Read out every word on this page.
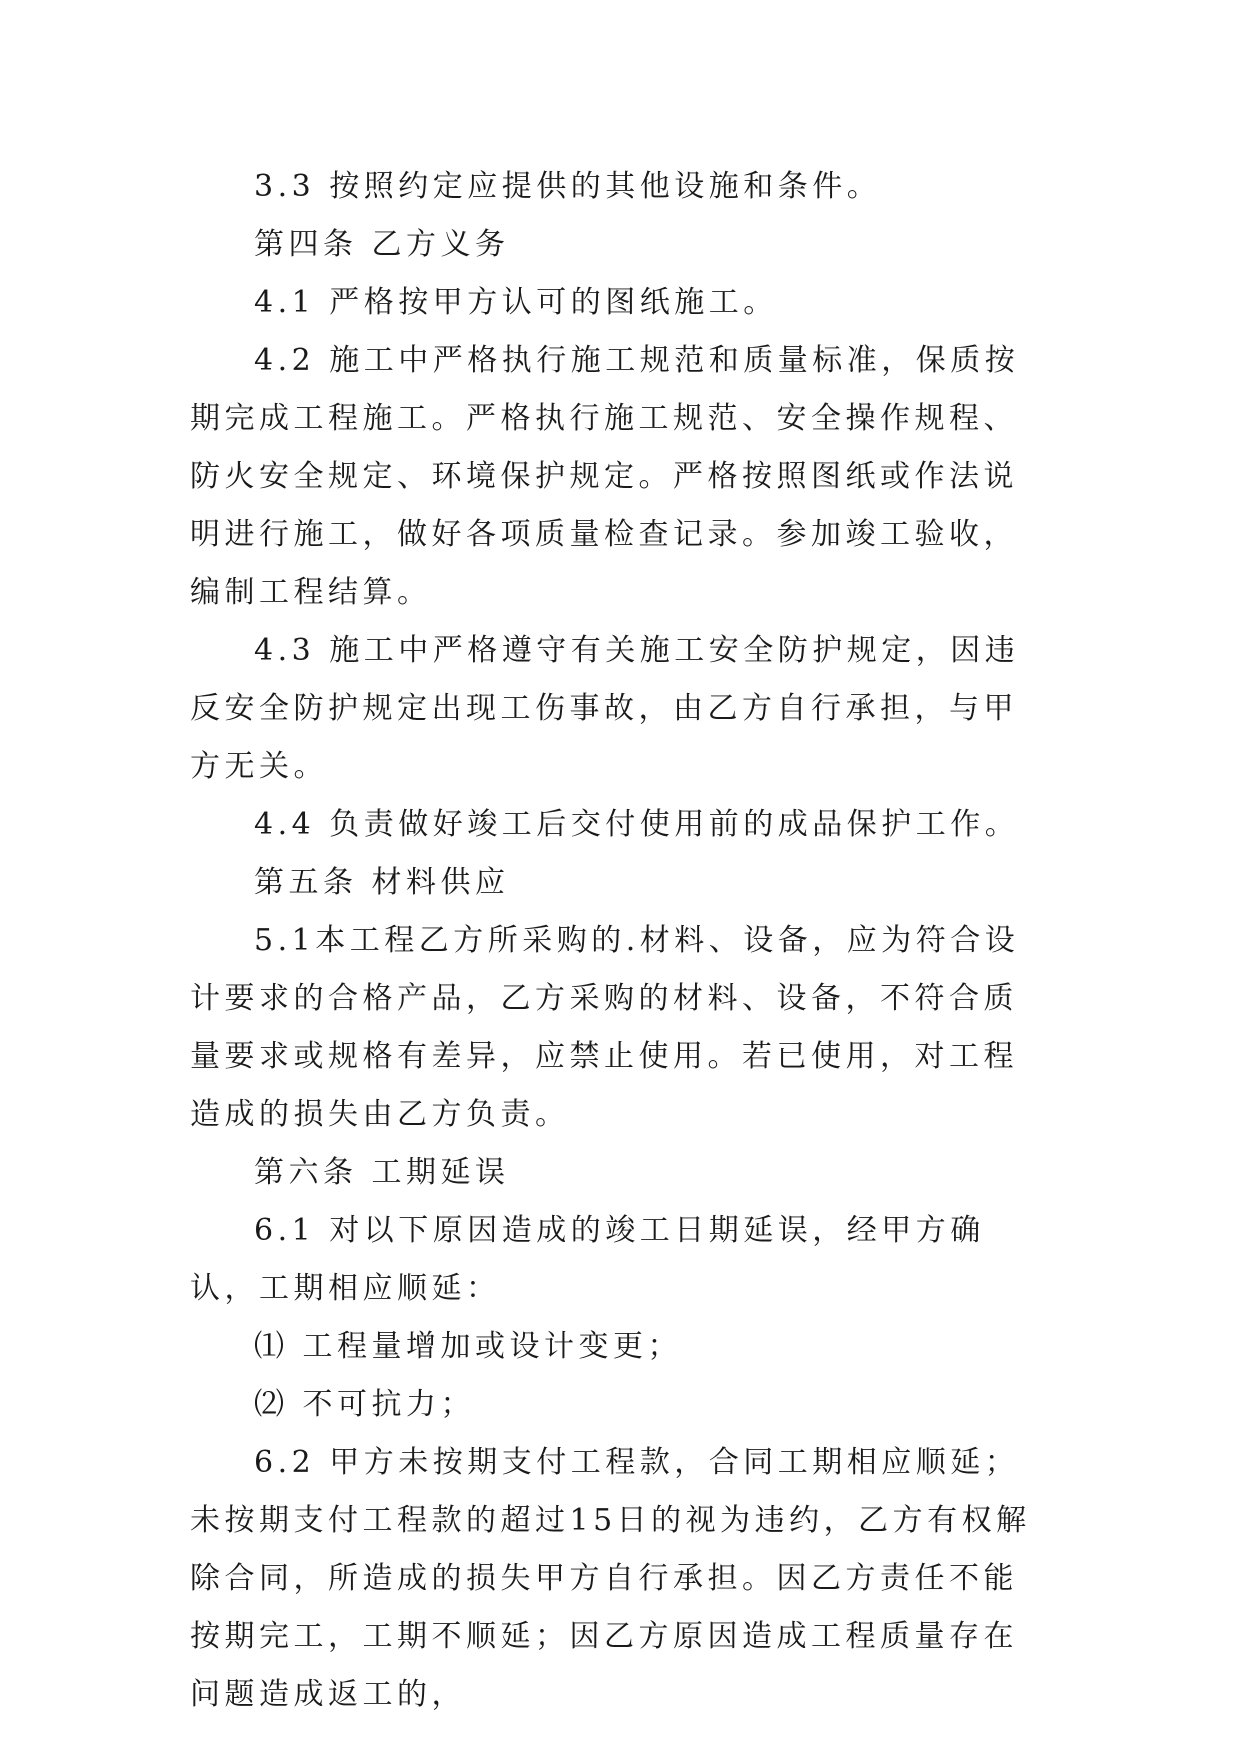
3.3 按照约定应提供的其他设施和条件。

第四条 乙方义务

4.1 严格按甲方认可的图纸施工。

4.2 施工中严格执行施工规范和质量标准，保质按期完成工程施工。严格执行施工规范、安全操作规程、防火安全规定、环境保护规定。严格按照图纸或作法说明进行施工，做好各项质量检查记录。参加竣工验收，编制工程结算。

4.3 施工中严格遵守有关施工安全防护规定，因违反安全防护规定出现工伤事故，由乙方自行承担，与甲方无关。

4.4 负责做好竣工后交付使用前的成品保护工作。

第五条 材料供应

5.1本工程乙方所采购的.材料、设备，应为符合设计要求的合格产品，乙方采购的材料、设备，不符合质量要求或规格有差异，应禁止使用。若已使用，对工程造成的损失由乙方负责。

第六条 工期延误

6.1 对以下原因造成的竣工日期延误，经甲方确认，工期相应顺延：

⑴ 工程量增加或设计变更；

⑵ 不可抗力；

6.2 甲方未按期支付工程款，合同工期相应顺延；未按期支付工程款的超过15日的视为违约，乙方有权解除合同，所造成的损失甲方自行承担。因乙方责任不能按期完工，工期不顺延；因乙方原因造成工程质量存在问题造成返工的，
